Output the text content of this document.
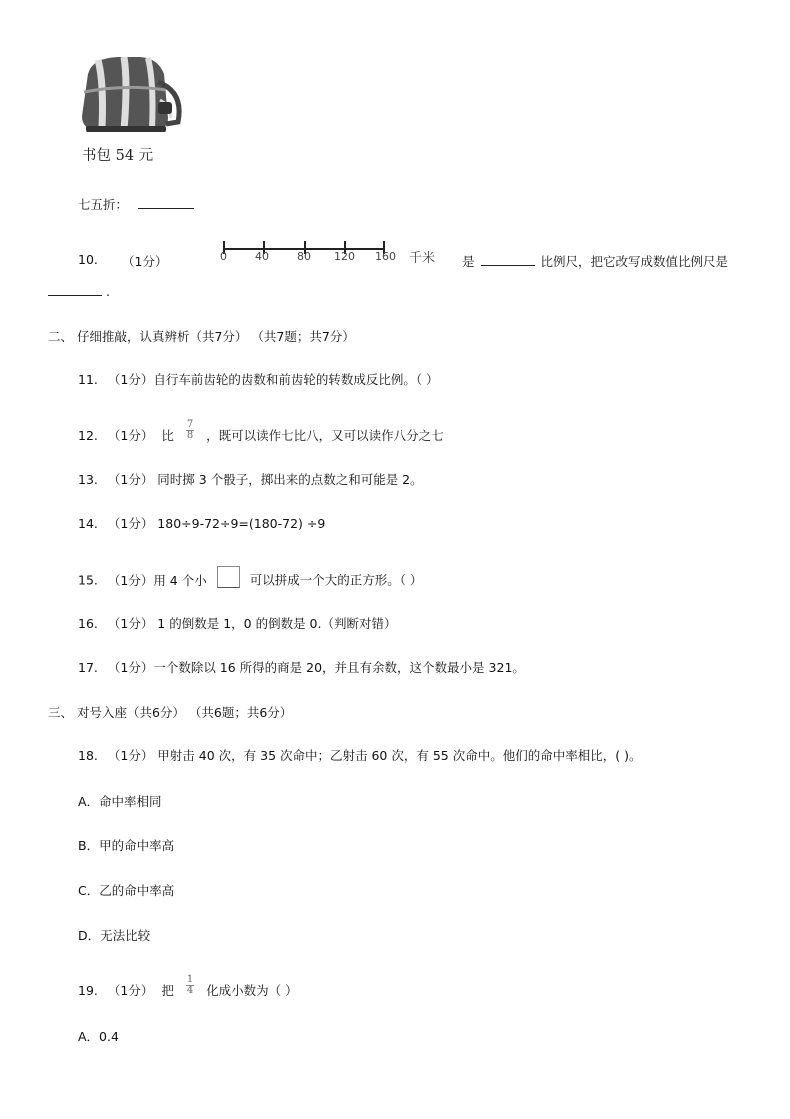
书包 54 元
七五折：
10. （1分）	0	40	80 120 160 千米 是	比例尺，把它改写成数值比例尺是
.
二、 仔细推敲，认真辨析（共7分） （共7题；共7分）
11. （1分）自行车前齿轮的齿数和前齿轮的转数成反比例。（ ）
12. （1分） 比 $\frac{7}{8}$ ，既可以读作七比八，又可以读作八分之七
13. （1分） 同时掷 3 个骰子，掷出来的点数之和可能是 2。
14. （1分） 180÷9-72÷9=(180-72) ÷9
15. （1分）用 4 个小	可以拼成一个大的正方形。（ ）
16. （1分） 1 的倒数是 1，0 的倒数是 0.（判断对错）
17. （1分）一个数除以 16 所得的商是 20，并且有余数，这个数最小是 321。
三、 对号入座（共6分） （共6题；共6分）
18. （1分） 甲射击 40 次，有 35 次命中；乙射击 60 次，有 55 次命中。他们的命中率相比，( )。
A．命中率相同
B．甲的命中率高
C．乙的命中率高
D．无法比较
19. （1分） 把 $\frac{1}{4}$ 化成小数为（ ）
A．0.4
